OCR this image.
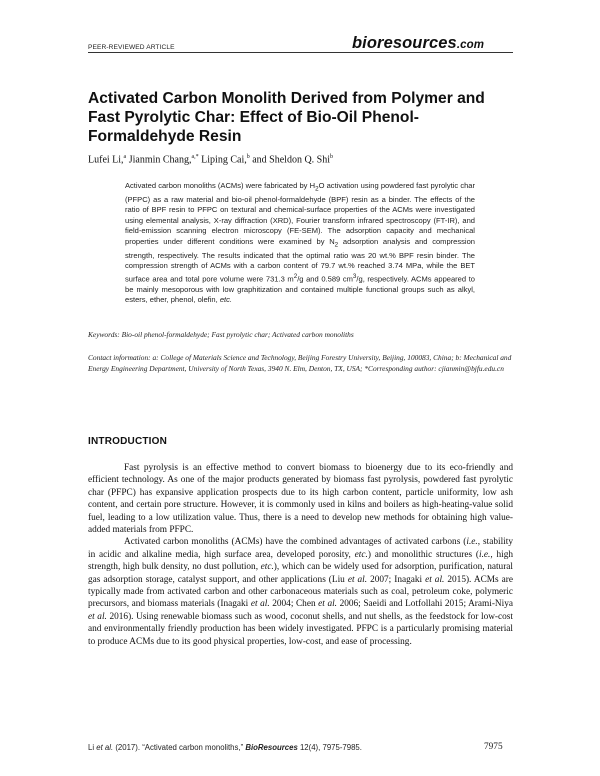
PEER-REVIEWED ARTICLE	bioresources.com
Activated Carbon Monolith Derived from Polymer and Fast Pyrolytic Char: Effect of Bio-Oil Phenol-Formaldehyde Resin
Lufei Li,$^a$ Jianmin Chang,$^{a,*}$ Liping Cai,$^b$ and Sheldon Q. Shi$^b$
Activated carbon monoliths (ACMs) were fabricated by $H_2O$ activation using powdered fast pyrolytic char (PFPC) as a raw material and bio-oil phenol-formaldehyde (BPF) resin as a binder. The effects of the ratio of BPF resin to PFPC on textural and chemical-surface properties of the ACMs were investigated using elemental analysis, X-ray diffraction (XRD), Fourier transform infrared spectroscopy (FT-IR), and field-emission scanning electron microscopy (FE-SEM). The adsorption capacity and mechanical properties under different conditions were examined by $N_2$ adsorption analysis and compression strength, respectively. The results indicated that the optimal ratio was 20 wt.% BPF resin binder. The compression strength of ACMs with a carbon content of 79.7 wt.% reached 3.74 MPa, while the BET surface area and total pore volume were 731.3 $m^2/g$ and 0.589 $cm^3/g$, respectively. ACMs appeared to be mainly mesoporous with low graphitization and contained multiple functional groups such as alkyl, esters, ether, phenol, olefin, etc.
Keywords: Bio-oil phenol-formaldehyde; Fast pyrolytic char; Activated carbon monoliths
Contact information: a: College of Materials Science and Technology, Beijing Forestry University, Beijing, 100083, China; b: Mechanical and Energy Engineering Department, University of North Texas, 3940 N. Elm, Denton, TX, USA; *Corresponding author: cjianmin@bjfu.edu.cn
INTRODUCTION

Fast pyrolysis is an effective method to convert biomass to bioenergy due to its eco-friendly and efficient technology. As one of the major products generated by biomass fast pyrolysis, powdered fast pyrolytic char (PFPC) has expansive application prospects due to its high carbon content, particle uniformity, low ash content, and certain pore structure. However, it is commonly used in kilns and boilers as high-heating-value solid fuel, leading to a low utilization value. Thus, there is a need to develop new methods for obtaining high value-added materials from PFPC.

Activated carbon monoliths (ACMs) have the combined advantages of activated carbons (i.e., stability in acidic and alkaline media, high surface area, developed porosity, etc.) and monolithic structures (i.e., high strength, high bulk density, no dust pollution, etc.), which can be widely used for adsorption, purification, natural gas adsorption storage, catalyst support, and other applications (Liu et al. 2007; Inagaki et al. 2015). ACMs are typically made from activated carbon and other carbonaceous materials such as coal, petroleum coke, polymeric precursors, and biomass materials (Inagaki et al. 2004; Chen et al. 2006; Saeidi and Lotfollahi 2015; Arami-Niya et al. 2016). Using renewable biomass such as wood, coconut shells, and nut shells, as the feedstock for low-cost and environmentally friendly production has been widely investigated. PFPC is a particularly promising material to produce ACMs due to its good physical properties, low-cost, and ease of processing.

Li et al. (2017). “Activated carbon monoliths,” BioResources 12(4), 7975-7985.	7975
